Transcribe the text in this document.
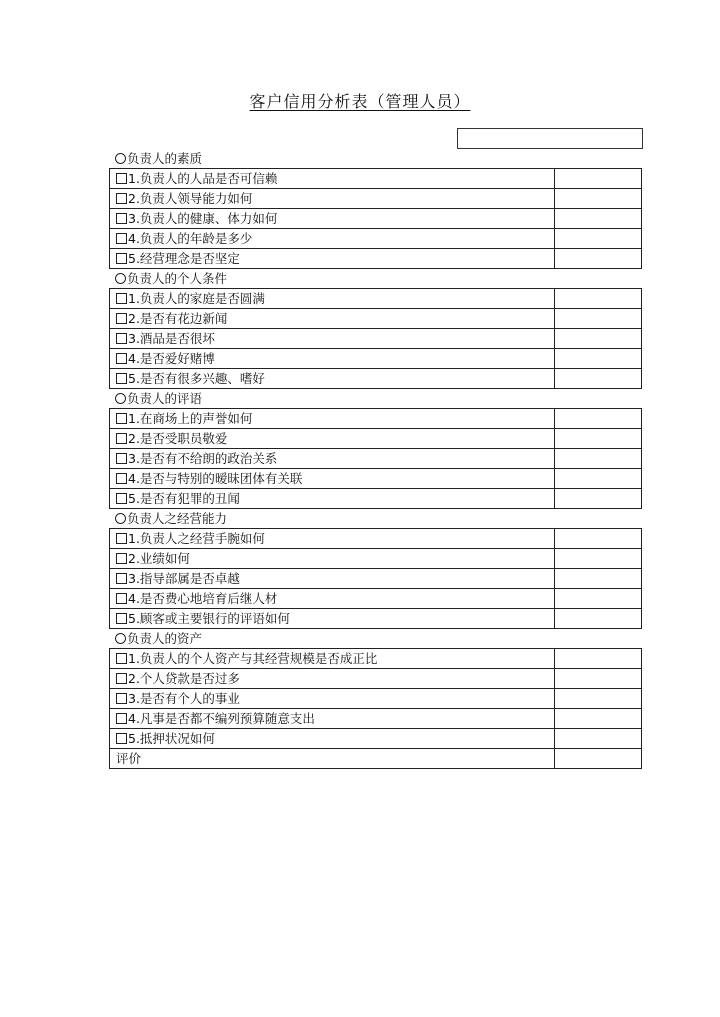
客户信用分析表（管理人员）
负责人的素质
1.负责人的人品是否可信赖
2.负责人领导能力如何
3.负责人的健康、体力如何
4.负责人的年龄是多少
5.经营理念是否坚定
负责人的个人条件
1.负责人的家庭是否圆满
2.是否有花边新闻
3.酒品是否很坏
4.是否爱好赌博
5.是否有很多兴趣、嗜好
负责人的评语
1.在商场上的声誉如何
2.是否受职员敬爱
3.是否有不给朗的政治关系
4.是否与特别的暧昧团体有关联
5.是否有犯罪的丑闻
负责人之经营能力
1.负责人之经营手腕如何
2.业绩如何
3.指导部属是否卓越
4.是否费心地培育后继人材
5.顾客或主要银行的评语如何
负责人的资产
1.负责人的个人资产与其经营规模是否成正比
2.个人贷款是否过多
3.是否有个人的事业
4.凡事是否都不编列预算随意支出
5.抵押状况如何
评价
